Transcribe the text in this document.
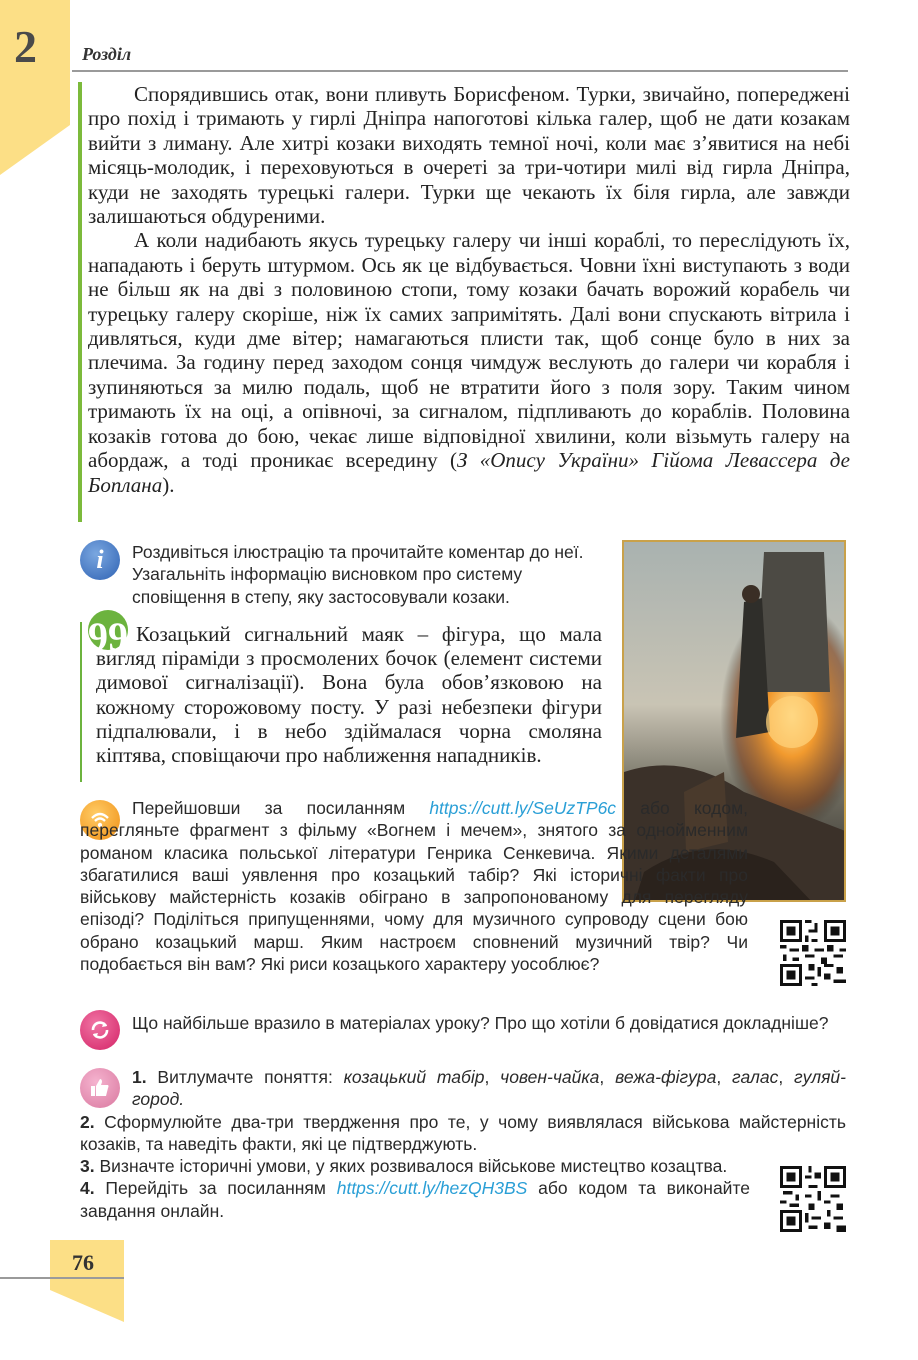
2	Розділ

Спорядившись отак, вони пливуть Борисфеном. Турки, звичайно, попереджені про похід і тримають у гирлі Дніпра напоготові кілька галер, щоб не дати козакам вийти з лиману. Але хитрі козаки виходять темної ночі, коли має з’явитися на небі місяць-молодик, і переховуються в очереті за три-чотири милі від гирла Дніпра, куди не заходять турецькі галери. Турки ще чекають їх біля гирла, але завжди залишаються обдуреними.

А коли надибають якусь турецьку галеру чи інші кораблі, то переслідують їх, нападають і беруть штурмом. Ось як це відбувається. Човни їхні виступають з води не більш як на дві з половиною стопи, тому козаки бачать ворожий корабель чи турецьку галеру скоріше, ніж їх самих запримітять. Далі вони спускають вітрила і дивляться, куди дме вітер; намагаються плисти так, щоб сонце було в них за плечима. За годину перед заходом сонця чимдуж веслують до галери чи корабля і зупиняються за милю подаль, щоб не втратити його з поля зору. Таким чином тримають їх на оці, а опівночі, за сигналом, підпливають до кораблів. Половина козаків готова до бою, чекає лише відповідної хвилини, коли візьмуть галеру на абордаж, а тоді проникає всередину (З «Опису України» Гійома Левассера де Боплана).

i Роздивіться ілюстрацію та прочитайте коментар до неї. Узагальніть інформацію висновком про систему сповіщення в степу, яку застосовували козаки.
99 Козацький сигнальний маяк – фігура, що мала вигляд піраміди з просмолених бочок (елемент системи димової сигналізації). Вона була обов’язковою на кожному сторожовому посту. У разі небезпеки фігури підпалювали, і в небо здіймалася чорна смоляна кіптява, сповіщаючи про наближення нападників.

Перейшовши за посиланням https://cutt.ly/SeUzTP6c або кодом, перегляньте фрагмент з фільму «Вогнем і мечем», знятого за однойменним романом класика польської літератури Генрика Сенкевича. Якими деталями збагатилися ваші уявлення про козацький табір? Які історичні факти про військову майстерність козаків обіграно в запропонованому для перегляду епізоді? Поділіться припущеннями, чому для музичного супроводу сцени бою обрано козацький марш. Яким настроєм сповнений музичний твір? Чи подобається він вам? Які риси козацького характеру уособлює?

Що найбільше вразило в матеріалах уроку? Про що хотіли б довідатися докладніше?

1. Витлумачте поняття: козацький табір, човен-чайка, вежа-фігура, галас, гуляй-город.

2. Сформулюйте два-три твердження про те, у чому виявлялася військова майстерність козаків, та наведіть факти, які це підтверджують.

3. Визначте історичні умови, у яких розвивалося військове мистецтво козацтва.

4. Перейдіть за посиланням https://cutt.ly/hezQH3BS або кодом та виконайте завдання онлайн.

76
